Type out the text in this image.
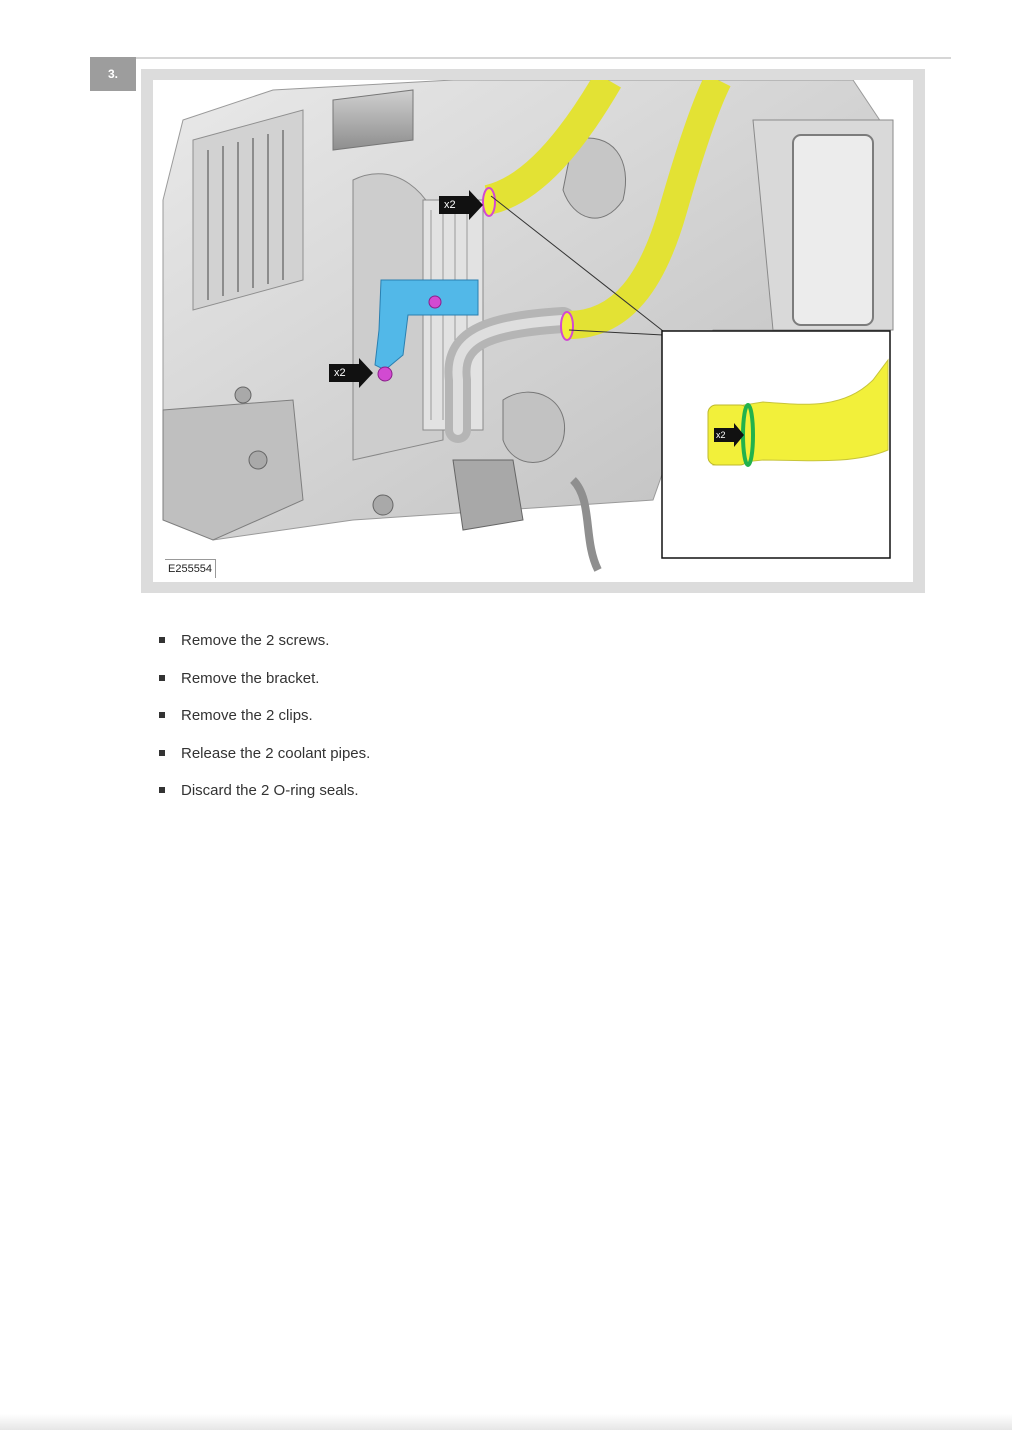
3.
x2
x2
x2
E255554
Remove the 2 screws.
Remove the bracket.
Remove the 2 clips.
Release the 2 coolant pipes.
Discard the 2 O-ring seals.
